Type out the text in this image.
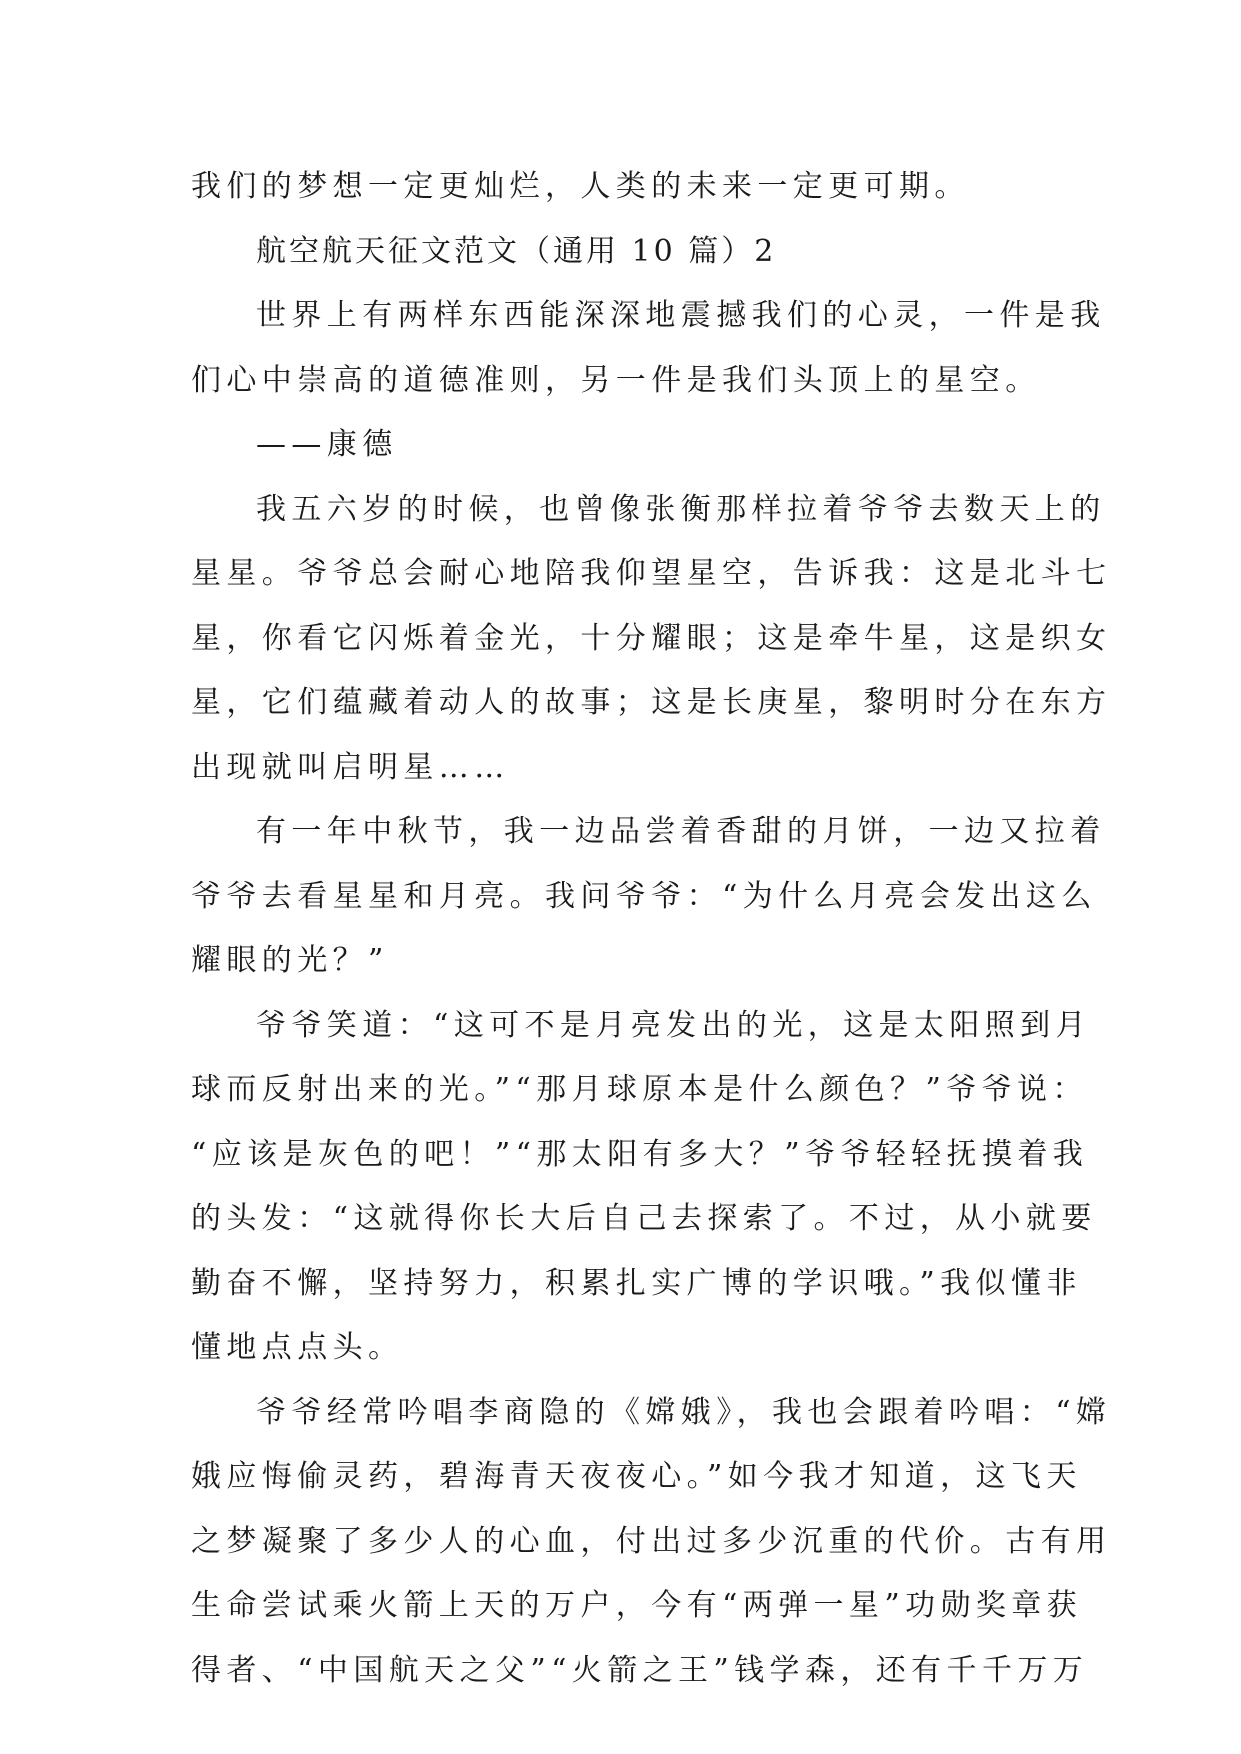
我们的梦想一定更灿烂，人类的未来一定更可期。
航空航天征文范文（通用 10 篇）2
世界上有两样东西能深深地震撼我们的心灵，一件是我
们心中崇高的道德准则，另一件是我们头顶上的星空。
——康德
我五六岁的时候，也曾像张衡那样拉着爷爷去数天上的
星星。爷爷总会耐心地陪我仰望星空，告诉我：这是北斗七
星，你看它闪烁着金光，十分耀眼；这是牵牛星，这是织女
星，它们蕴藏着动人的故事；这是长庚星，黎明时分在东方
出现就叫启明星……
有一年中秋节，我一边品尝着香甜的月饼，一边又拉着
爷爷去看星星和月亮。我问爷爷：“为什么月亮会发出这么
耀眼的光？”
爷爷笑道：“这可不是月亮发出的光，这是太阳照到月
球而反射出来的光。”“那月球原本是什么颜色？”爷爷说：
“应该是灰色的吧！”“那太阳有多大？”爷爷轻轻抚摸着我
的头发：“这就得你长大后自己去探索了。不过，从小就要
勤奋不懈，坚持努力，积累扎实广博的学识哦。”我似懂非
懂地点点头。
爷爷经常吟唱李商隐的《嫦娥》，我也会跟着吟唱：“嫦
娥应悔偷灵药，碧海青天夜夜心。”如今我才知道，这飞天
之梦凝聚了多少人的心血，付出过多少沉重的代价。古有用
生命尝试乘火箭上天的万户，今有“两弹一星”功勋奖章获
得者、“中国航天之父”“火箭之王”钱学森，还有千千万万
